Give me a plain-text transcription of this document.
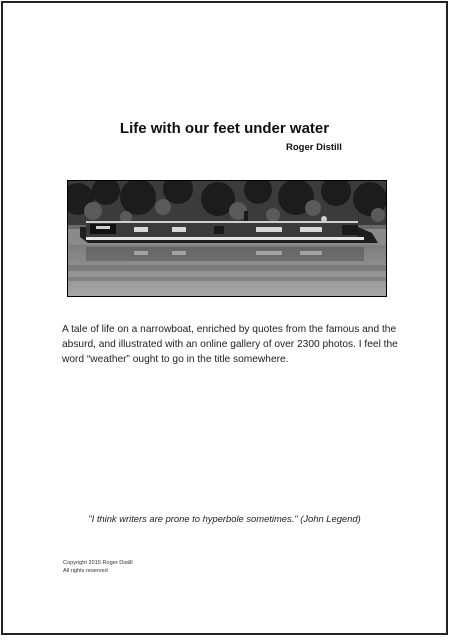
Life with our feet under water
Roger Distill
A tale of life on a narrowboat, enriched by quotes from the famous and the absurd, and illustrated with an online gallery of over 2300 photos. I feel the word “weather” ought to go in the title somewhere.
"I think writers are prone to hyperbole sometimes." (John Legend)
Copyright 2015 Roger Distill
All rights reserved
